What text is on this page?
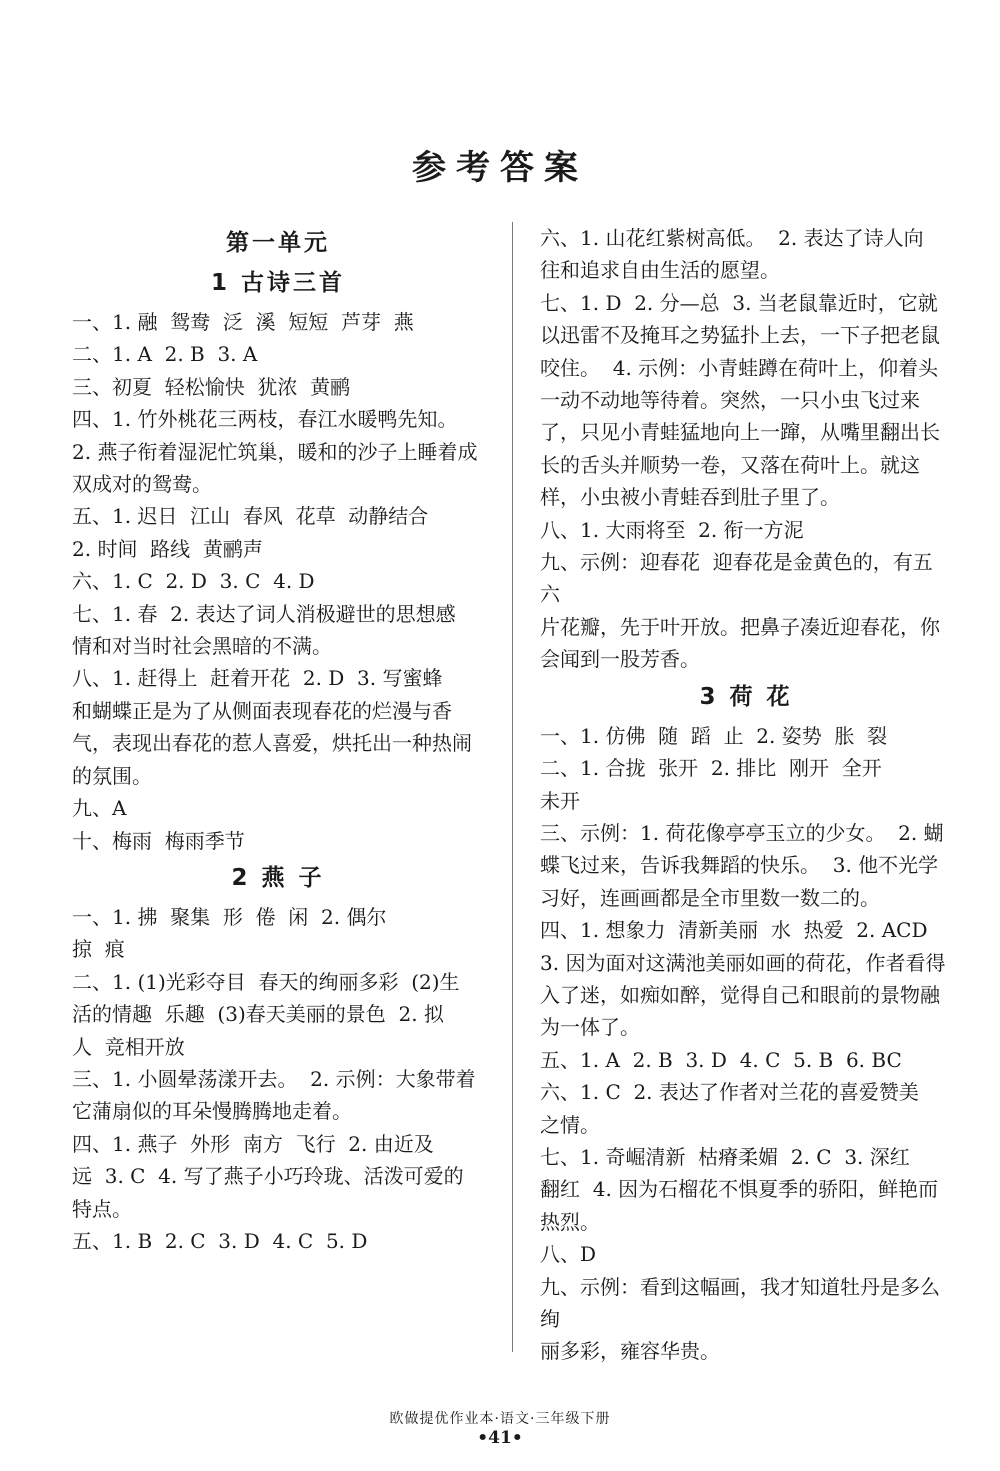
参考答案
第一单元
1 古诗三首
一、1. 融  鸳鸯  泛  溪  短短  芦芽  燕
二、1. A  2. B  3. A
三、初夏  轻松愉快  犹浓  黄鹂
四、1. 竹外桃花三两枝，春江水暖鸭先知。
2. 燕子衔着湿泥忙筑巢，暖和的沙子上睡着成
双成对的鸳鸯。
五、1. 迟日  江山  春风  花草  动静结合
2. 时间  路线  黄鹂声
六、1. C  2. D  3. C  4. D
七、1. 春  2. 表达了词人消极避世的思想感
情和对当时社会黑暗的不满。
八、1. 赶得上  赶着开花  2. D  3. 写蜜蜂
和蝴蝶正是为了从侧面表现春花的烂漫与香
气，表现出春花的惹人喜爱，烘托出一种热闹
的氛围。
九、A
十、梅雨  梅雨季节
2 燕 子
一、1. 拂  聚集  形  倦  闲  2. 偶尔
掠  痕
二、1. (1)光彩夺目  春天的绚丽多彩  (2)生
活的情趣  乐趣  (3)春天美丽的景色  2. 拟
人  竞相开放
三、1. 小圆晕荡漾开去。  2. 示例：大象带着
它蒲扇似的耳朵慢腾腾地走着。
四、1. 燕子  外形  南方  飞行  2. 由近及
远  3. C  4. 写了燕子小巧玲珑、活泼可爱的
特点。
五、1. B  2. C  3. D  4. C  5. D
六、1. 山花红紫树高低。  2. 表达了诗人向
往和追求自由生活的愿望。
七、1. D  2. 分—总  3. 当老鼠靠近时，它就
以迅雷不及掩耳之势猛扑上去，一下子把老鼠
咬住。  4. 示例：小青蛙蹲在荷叶上，仰着头
一动不动地等待着。突然，一只小虫飞过来
了，只见小青蛙猛地向上一蹿，从嘴里翻出长
长的舌头并顺势一卷，又落在荷叶上。就这
样，小虫被小青蛙吞到肚子里了。
八、1. 大雨将至  2. 衔一方泥
九、示例：迎春花  迎春花是金黄色的，有五六
片花瓣，先于叶开放。把鼻子凑近迎春花，你
会闻到一股芳香。
3 荷 花
一、1. 仿佛  随  蹈  止  2. 姿势  胀  裂
二、1. 合拢  张开  2. 排比  刚开  全开
未开
三、示例：1. 荷花像亭亭玉立的少女。  2. 蝴
蝶飞过来，告诉我舞蹈的快乐。  3. 他不光学
习好，连画画都是全市里数一数二的。
四、1. 想象力  清新美丽  水  热爱  2. ACD
3. 因为面对这满池美丽如画的荷花，作者看得
入了迷，如痴如醉，觉得自己和眼前的景物融
为一体了。
五、1. A  2. B  3. D  4. C  5. B  6. BC
六、1. C  2. 表达了作者对兰花的喜爱赞美
之情。
七、1. 奇崛清新  枯瘠柔媚  2. C  3. 深红
翻红  4. 因为石榴花不惧夏季的骄阳，鲜艳而
热烈。
八、D
九、示例：看到这幅画，我才知道牡丹是多么绚
丽多彩，雍容华贵。
欧做提优作业本·语文·三年级下册
•41•
